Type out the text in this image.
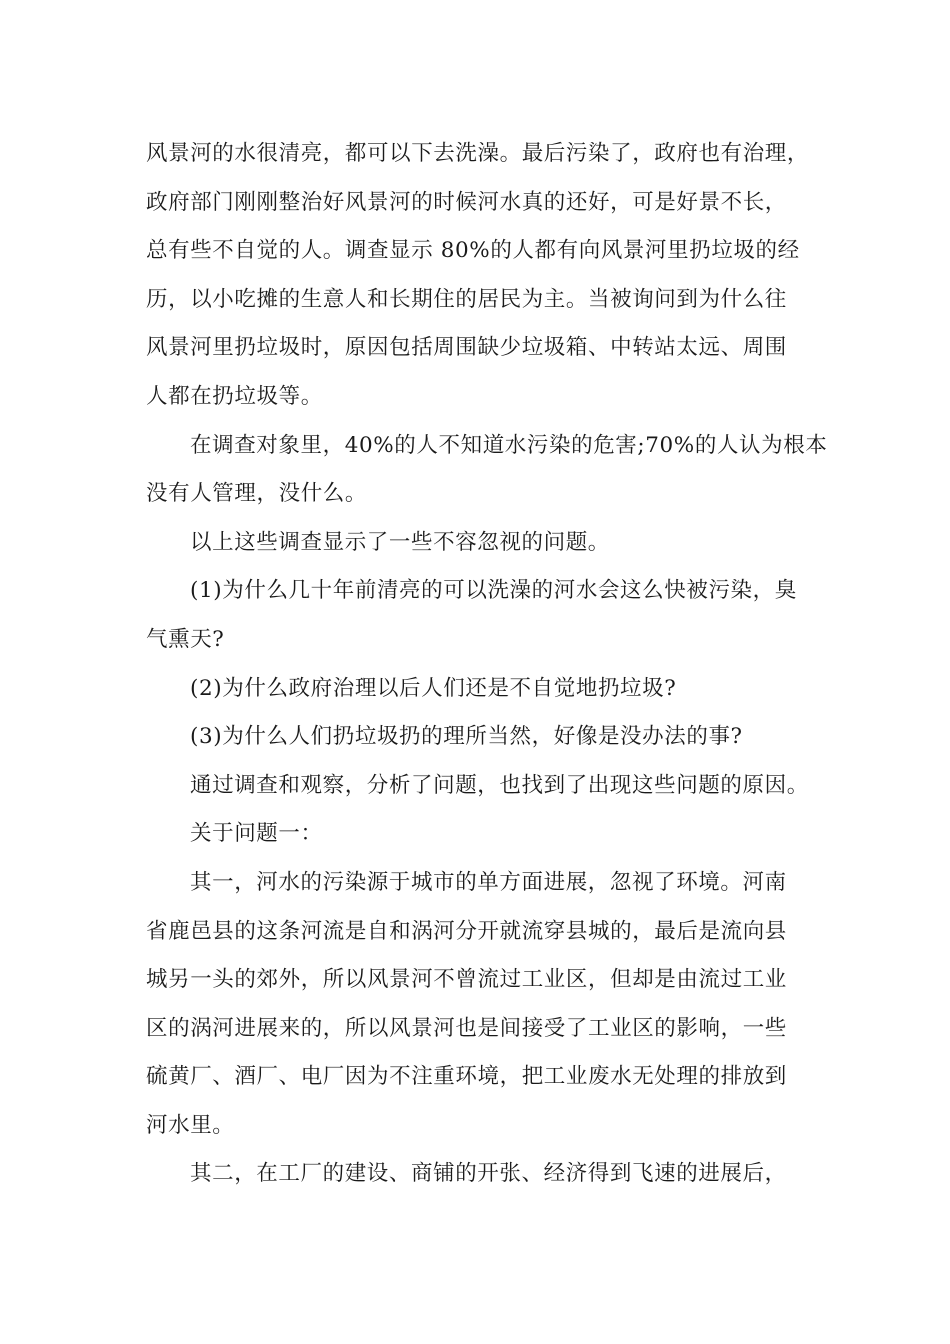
风景河的水很清亮，都可以下去洗澡。最后污染了，政府也有治理，
政府部门刚刚整治好风景河的时候河水真的还好，可是好景不长，
总有些不自觉的人。调查显示 80%的人都有向风景河里扔垃圾的经
历，以小吃摊的生意人和长期住的居民为主。当被询问到为什么往
风景河里扔垃圾时，原因包括周围缺少垃圾箱、中转站太远、周围
人都在扔垃圾等。
在调查对象里，40%的人不知道水污染的危害;70%的人认为根本
没有人管理，没什么。
以上这些调查显示了一些不容忽视的问题。
(1)为什么几十年前清亮的可以洗澡的河水会这么快被污染，臭
气熏天?
(2)为什么政府治理以后人们还是不自觉地扔垃圾?
(3)为什么人们扔垃圾扔的理所当然，好像是没办法的事?
通过调查和观察，分析了问题，也找到了出现这些问题的原因。
关于问题一：
其一，河水的污染源于城市的单方面进展，忽视了环境。河南
省鹿邑县的这条河流是自和涡河分开就流穿县城的，最后是流向县
城另一头的郊外，所以风景河不曾流过工业区，但却是由流过工业
区的涡河进展来的，所以风景河也是间接受了工业区的影响，一些
硫黄厂、酒厂、电厂因为不注重环境，把工业废水无处理的排放到
河水里。
其二，在工厂的建设、商铺的开张、经济得到飞速的进展后，
